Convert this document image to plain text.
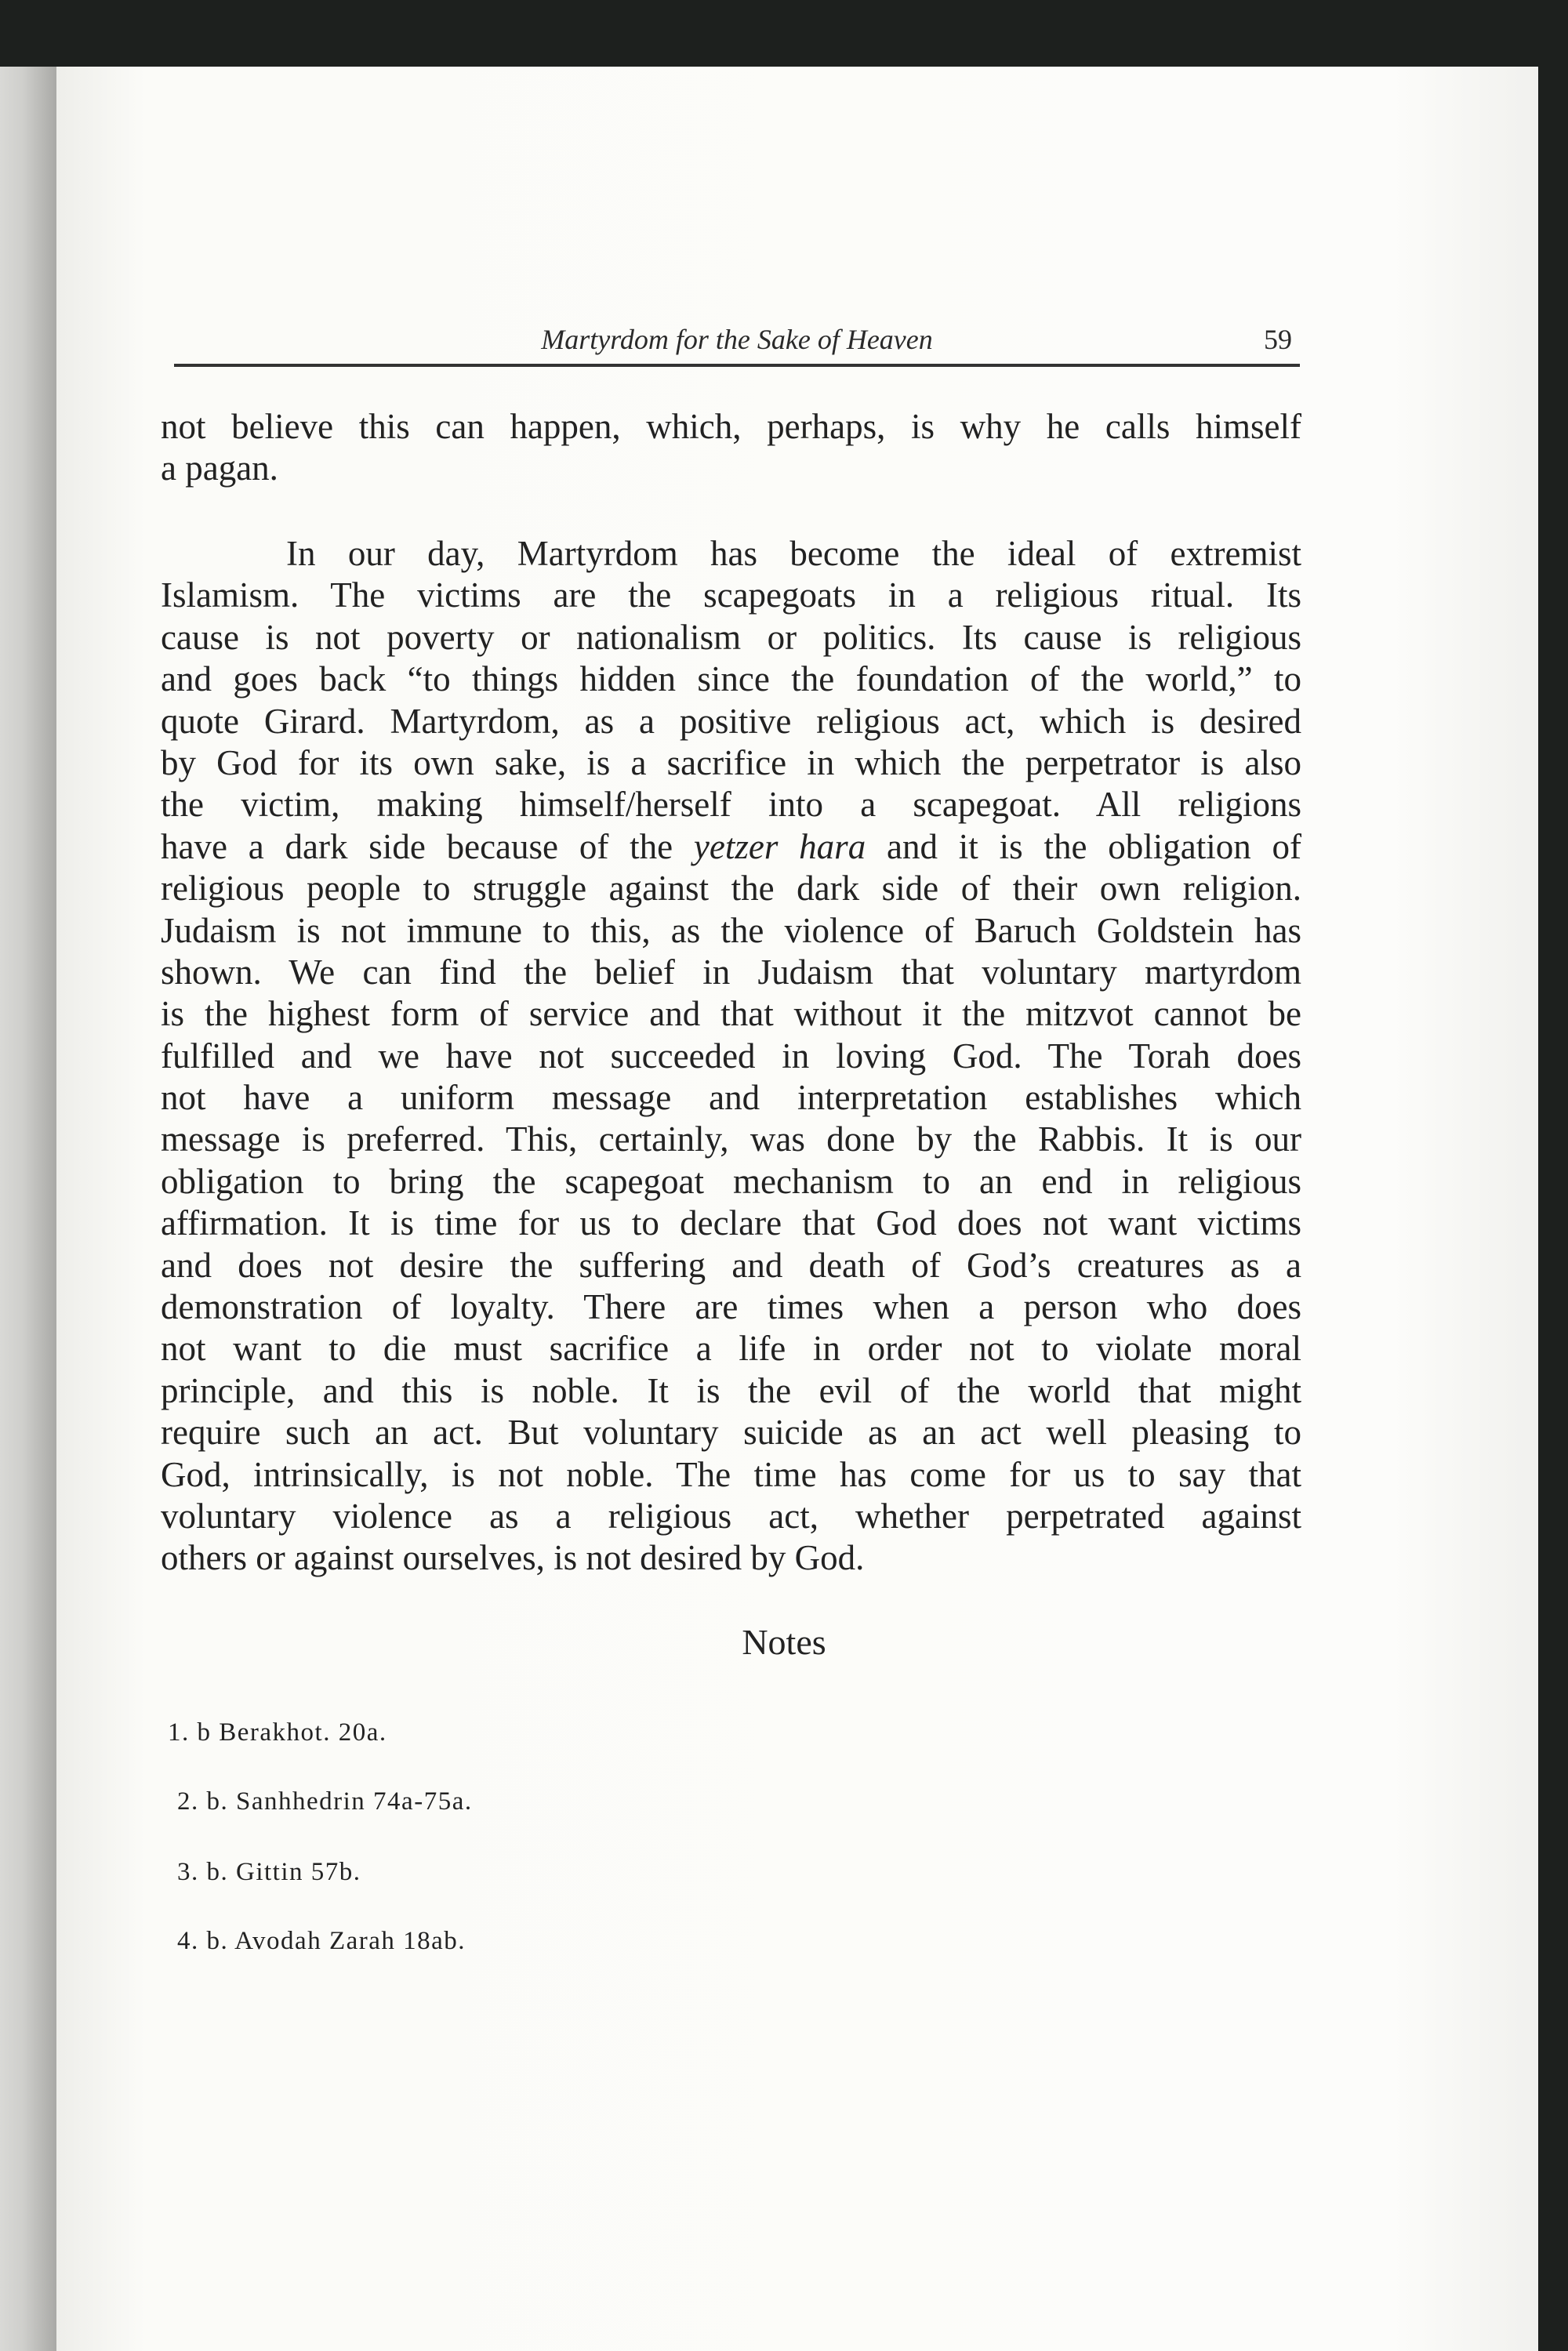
Martyrdom for the Sake of Heaven	59
not believe this can happen, which, perhaps, is why he calls himself
a pagan.
In our day, Martyrdom has become the ideal of extremist
Islamism. The victims are the scapegoats in a religious ritual. Its
cause is not poverty or nationalism or politics. Its cause is religious
and goes back “to things hidden since the foundation of the world,” to
quote Girard. Martyrdom, as a positive religious act, which is desired
by God for its own sake, is a sacrifice in which the perpetrator is also
the victim, making himself/herself into a scapegoat. All religions
have a dark side because of the yetzer hara and it is the obligation of
religious people to struggle against the dark side of their own religion.
Judaism is not immune to this, as the violence of Baruch Goldstein has
shown. We can find the belief in Judaism that voluntary martyrdom
is the highest form of service and that without it the mitzvot cannot be
fulfilled and we have not succeeded in loving God. The Torah does
not have a uniform message and interpretation establishes which
message is preferred. This, certainly, was done by the Rabbis. It is our
obligation to bring the scapegoat mechanism to an end in religious
affirmation. It is time for us to declare that God does not want victims
and does not desire the suffering and death of God’s creatures as a
demonstration of loyalty. There are times when a person who does
not want to die must sacrifice a life in order not to violate moral
principle, and this is noble. It is the evil of the world that might
require such an act. But voluntary suicide as an act well pleasing to
God, intrinsically, is not noble. The time has come for us to say that
voluntary violence as a religious act, whether perpetrated against
others or against ourselves, is not desired by God.
Notes
1. b Berakhot. 20a.
2. b. Sanhhedrin 74a-75a.
3. b. Gittin 57b.
4. b. Avodah Zarah 18ab.
